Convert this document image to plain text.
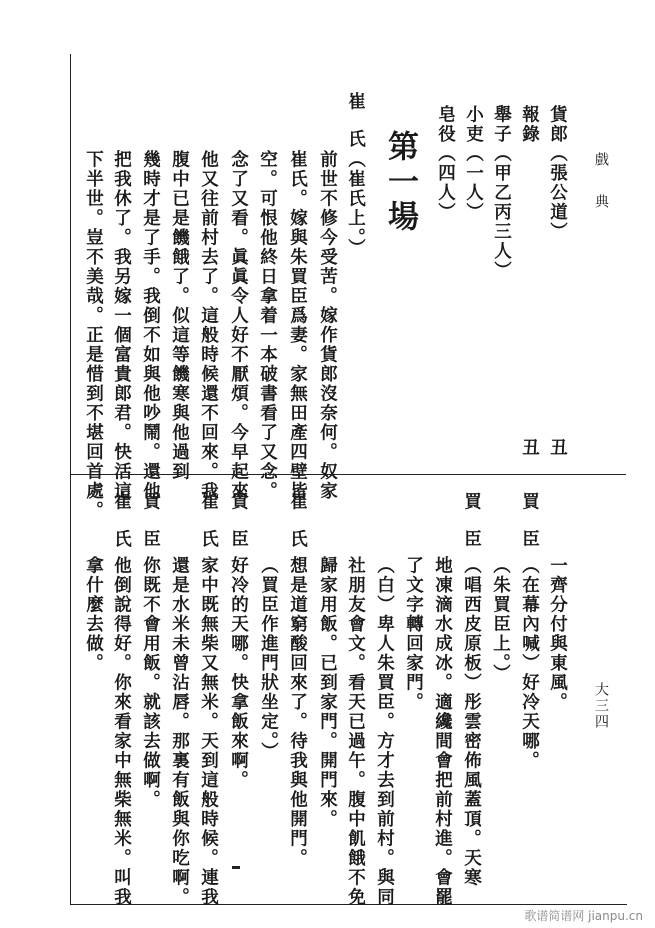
戲 典
大三四
貨郎（張公道）
報錄
舉子（甲乙丙三人）
小吏（一人）
皂役（四人）
第一場
崔氏
（崔氏上。）
前世不修今受苦。嫁作貨郎沒奈何。奴家
崔氏。嫁與朱買臣爲妻。家無田產四壁皆
空。可恨他終日拿着一本破書看了又念。
念了又看。眞眞令人好不厭煩。今早起來
他又往前村去了。這般時候還不回來。我
腹中已是饑餓了。似這等饑寒與他過到
幾時才是了手。我倒不如與他吵鬧。還他
把我休了。我另嫁一個富貴郎君。快活這
下半世。豈不美哉。正是惜到不堪回首處。	丑
丑
買臣
買臣
一齊分付與東風。
（在幕內喊）好冷天哪。
（朱買臣上。）
（唱西皮原板）彤雲密佈風蓋頂。天寒
地凍滴水成冰。適纔間會把前村進。會罷
了文字轉回家門。
（白）卑人朱買臣。方才去到前村。與同
社朋友會文。看天已過午。腹中飢餓不免
歸家用飯。已到家門。開門來。
崔氏
買臣
崔氏
買臣
崔氏
（買臣作進門狀坐定。） 想是道窮酸回來了。待我與他開門。
好冷的天哪。快拿飯來啊。
家中既無柴又無米。天到這般時候。連我
還是水米未曾沾唇。那裏有飯與你吃啊。
你既不會用飯。就該去做啊。
他倒說得好。你來看家中無柴無米。叫我
拿什麼去做。
歌谱简谱网 jianpu.cn
